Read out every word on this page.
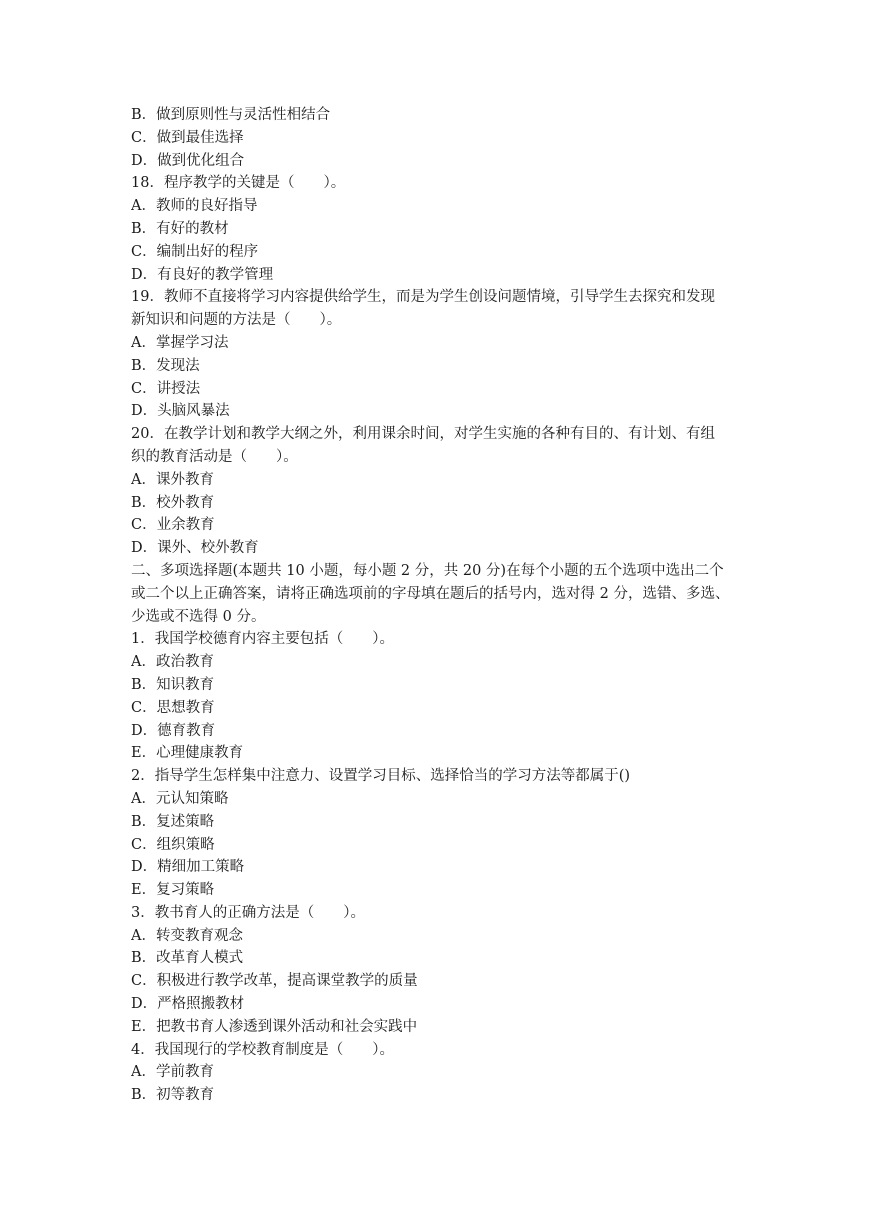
B．做到原则性与灵活性相结合
C．做到最佳选择
D．做到优化组合
18．程序教学的关键是（　　）。
A．教师的良好指导
B．有好的教材
C．编制出好的程序
D．有良好的教学管理
19．教师不直接将学习内容提供给学生，而是为学生创设问题情境，引导学生去探究和发现
新知识和问题的方法是（　　）。
A．掌握学习法
B．发现法
C．讲授法
D．头脑风暴法
20．在教学计划和教学大纲之外，利用课余时间，对学生实施的各种有目的、有计划、有组
织的教育活动是（　　）。
A．课外教育
B．校外教育
C．业余教育
D．课外、校外教育
二、多项选择题(本题共 10 小题，每小题 2 分，共 20 分)在每个小题的五个选项中选出二个
或二个以上正确答案，请将正确选项前的字母填在题后的括号内，选对得 2 分，选错、多选、
少选或不选得 0 分。
1．我国学校德育内容主要包括（　　）。
A．政治教育
B．知识教育
C．思想教育
D．德育教育
E．心理健康教育
2．指导学生怎样集中注意力、设置学习目标、选择恰当的学习方法等都属于()
A．元认知策略
B．复述策略
C．组织策略
D．精细加工策略
E．复习策略
3．教书育人的正确方法是（　　）。
A．转变教育观念
B．改革育人模式
C．积极进行教学改革，提高课堂教学的质量
D．严格照搬教材
E．把教书育人渗透到课外活动和社会实践中
4．我国现行的学校教育制度是（　　）。
A．学前教育
B．初等教育
